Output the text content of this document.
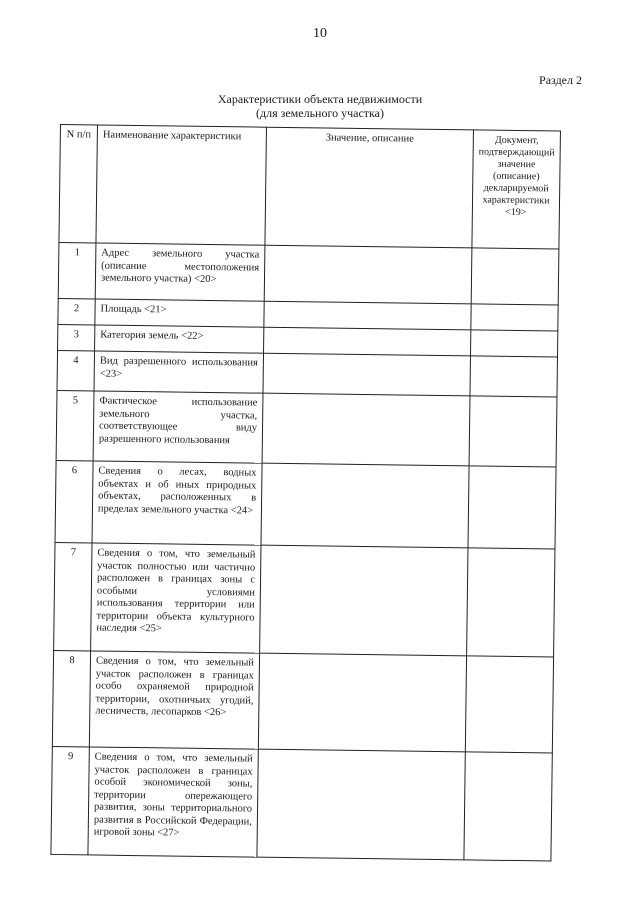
10
Раздел 2
Характеристики объекта недвижимости
(для земельного участка)
N п/п	Наименование характеристики	Значение, описание	Документ, подтверждающий значение (описание) декларируемой характеристики <19>
1	Адрес земельного участка (описание местоположения земельного участка) <20>		
2	Площадь <21>		
3	Категория земель <22>		
4	Вид разрешенного использования <23>		
5	Фактическое использование земельного участка, соответствующее виду разрешенного использования		
6	Сведения о лесах, водных объектах и об иных природных объектах, расположенных в пределах земельного участка <24>		
7	Сведения о том, что земельный участок полностью или частично расположен в границах зоны с особыми условиями использования территории или территории объекта культурного наследия <25>		
8	Сведения о том, что земельный участок расположен в границах особо охраняемой природной территории, охотничьих угодий, лесничеств, лесопарков <26>		
9	Сведения о том, что земельный участок расположен в границах особой экономической зоны, территории опережающего развития, зоны территориального развития в Российской Федерации, игровой зоны <27>		
